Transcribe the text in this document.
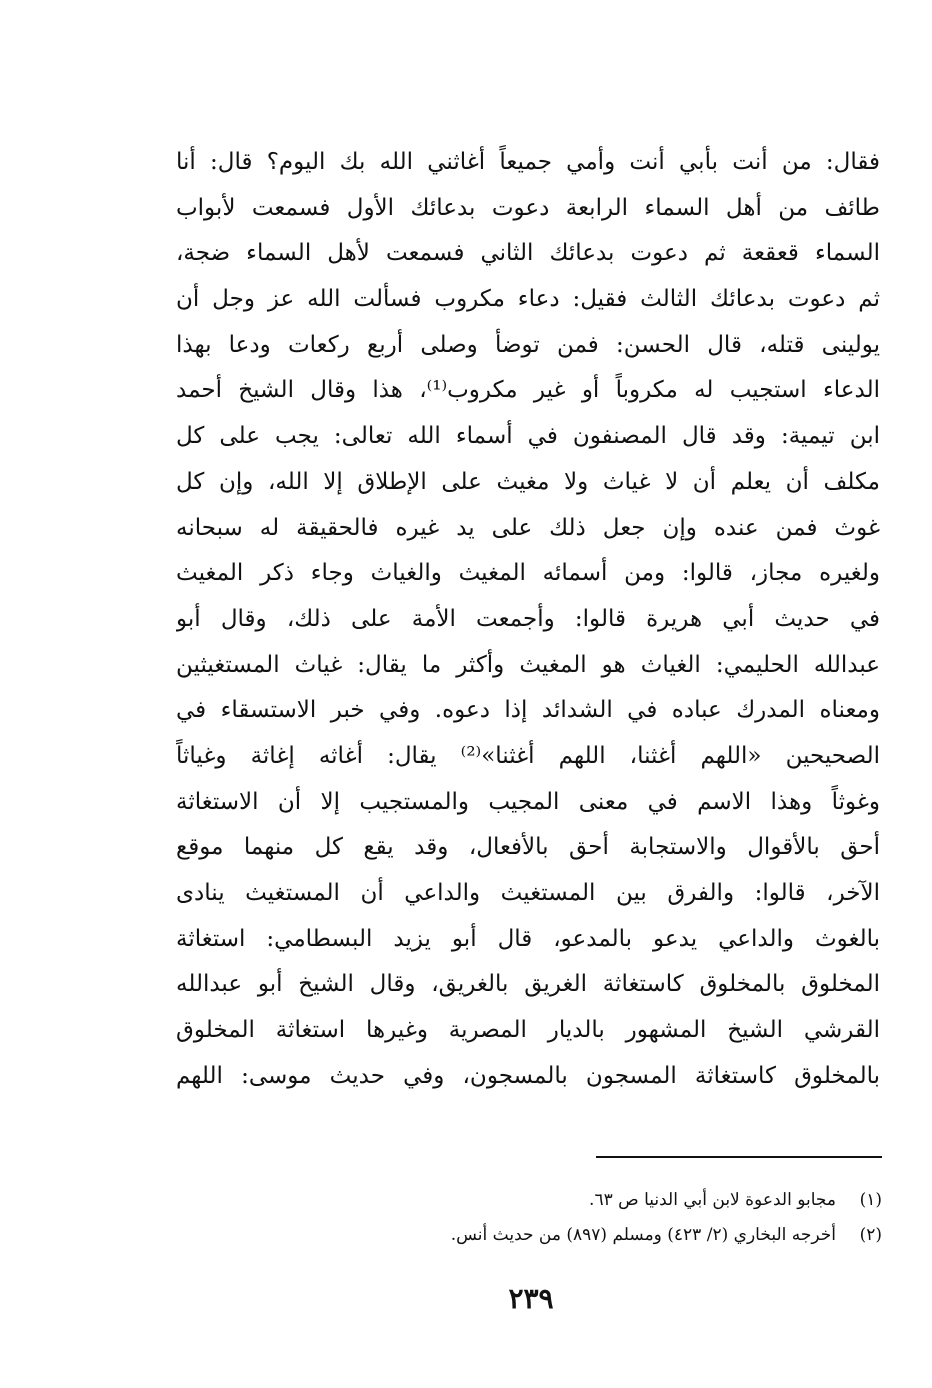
فقال: من أنت بأبي أنت وأمي جميعاً أغاثني الله بك اليوم؟ قال: أنا
طائف من أهل السماء الرابعة دعوت بدعائك الأول فسمعت لأبواب
السماء قعقعة ثم دعوت بدعائك الثاني فسمعت لأهل السماء ضجة،
ثم دعوت بدعائك الثالث فقيل: دعاء مكروب فسألت الله عز وجل أن
يولينى قتله، قال الحسن: فمن توضأ وصلى أربع ركعات ودعا بهذا
الدعاء استجيب له مكروباً أو غير مكروب⁽¹⁾، هذا وقال الشيخ أحمد
ابن تيمية: وقد قال المصنفون في أسماء الله تعالى: يجب على كل
مكلف أن يعلم أن لا غياث ولا مغيث على الإطلاق إلا الله، وإن كل
غوث فمن عنده وإن جعل ذلك على يد غيره فالحقيقة له سبحانه
ولغيره مجاز، قالوا: ومن أسمائه المغيث والغياث وجاء ذكر المغيث
في حديث أبي هريرة قالوا: وأجمعت الأمة على ذلك، وقال أبو
عبدالله الحليمي: الغياث هو المغيث وأكثر ما يقال: غياث المستغيثين
ومعناه المدرك عباده في الشدائد إذا دعوه. وفي خبر الاستسقاء في
الصحيحين «اللهم أغثنا، اللهم أغثنا»⁽²⁾ يقال: أغاثه إغاثة وغياثاً
وغوثاً وهذا الاسم في معنى المجيب والمستجيب إلا أن الاستغاثة
أحق بالأقوال والاستجابة أحق بالأفعال، وقد يقع كل منهما موقع
الآخر، قالوا: والفرق بين المستغيث والداعي أن المستغيث ينادى
بالغوث والداعي يدعو بالمدعو، قال أبو يزيد البسطامي: استغاثة
المخلوق بالمخلوق كاستغاثة الغريق بالغريق، وقال الشيخ أبو عبدالله
القرشي الشيخ المشهور بالديار المصرية وغيرها استغاثة المخلوق
بالمخلوق كاستغاثة المسجون بالمسجون، وفي حديث موسى: اللهم
(١)مجابو الدعوة لابن أبي الدنيا ص ٦٣.
(٢)أخرجه البخاري (٢/ ٤٢٣) ومسلم (٨٩٧) من حديث أنس.
٢٣٩
